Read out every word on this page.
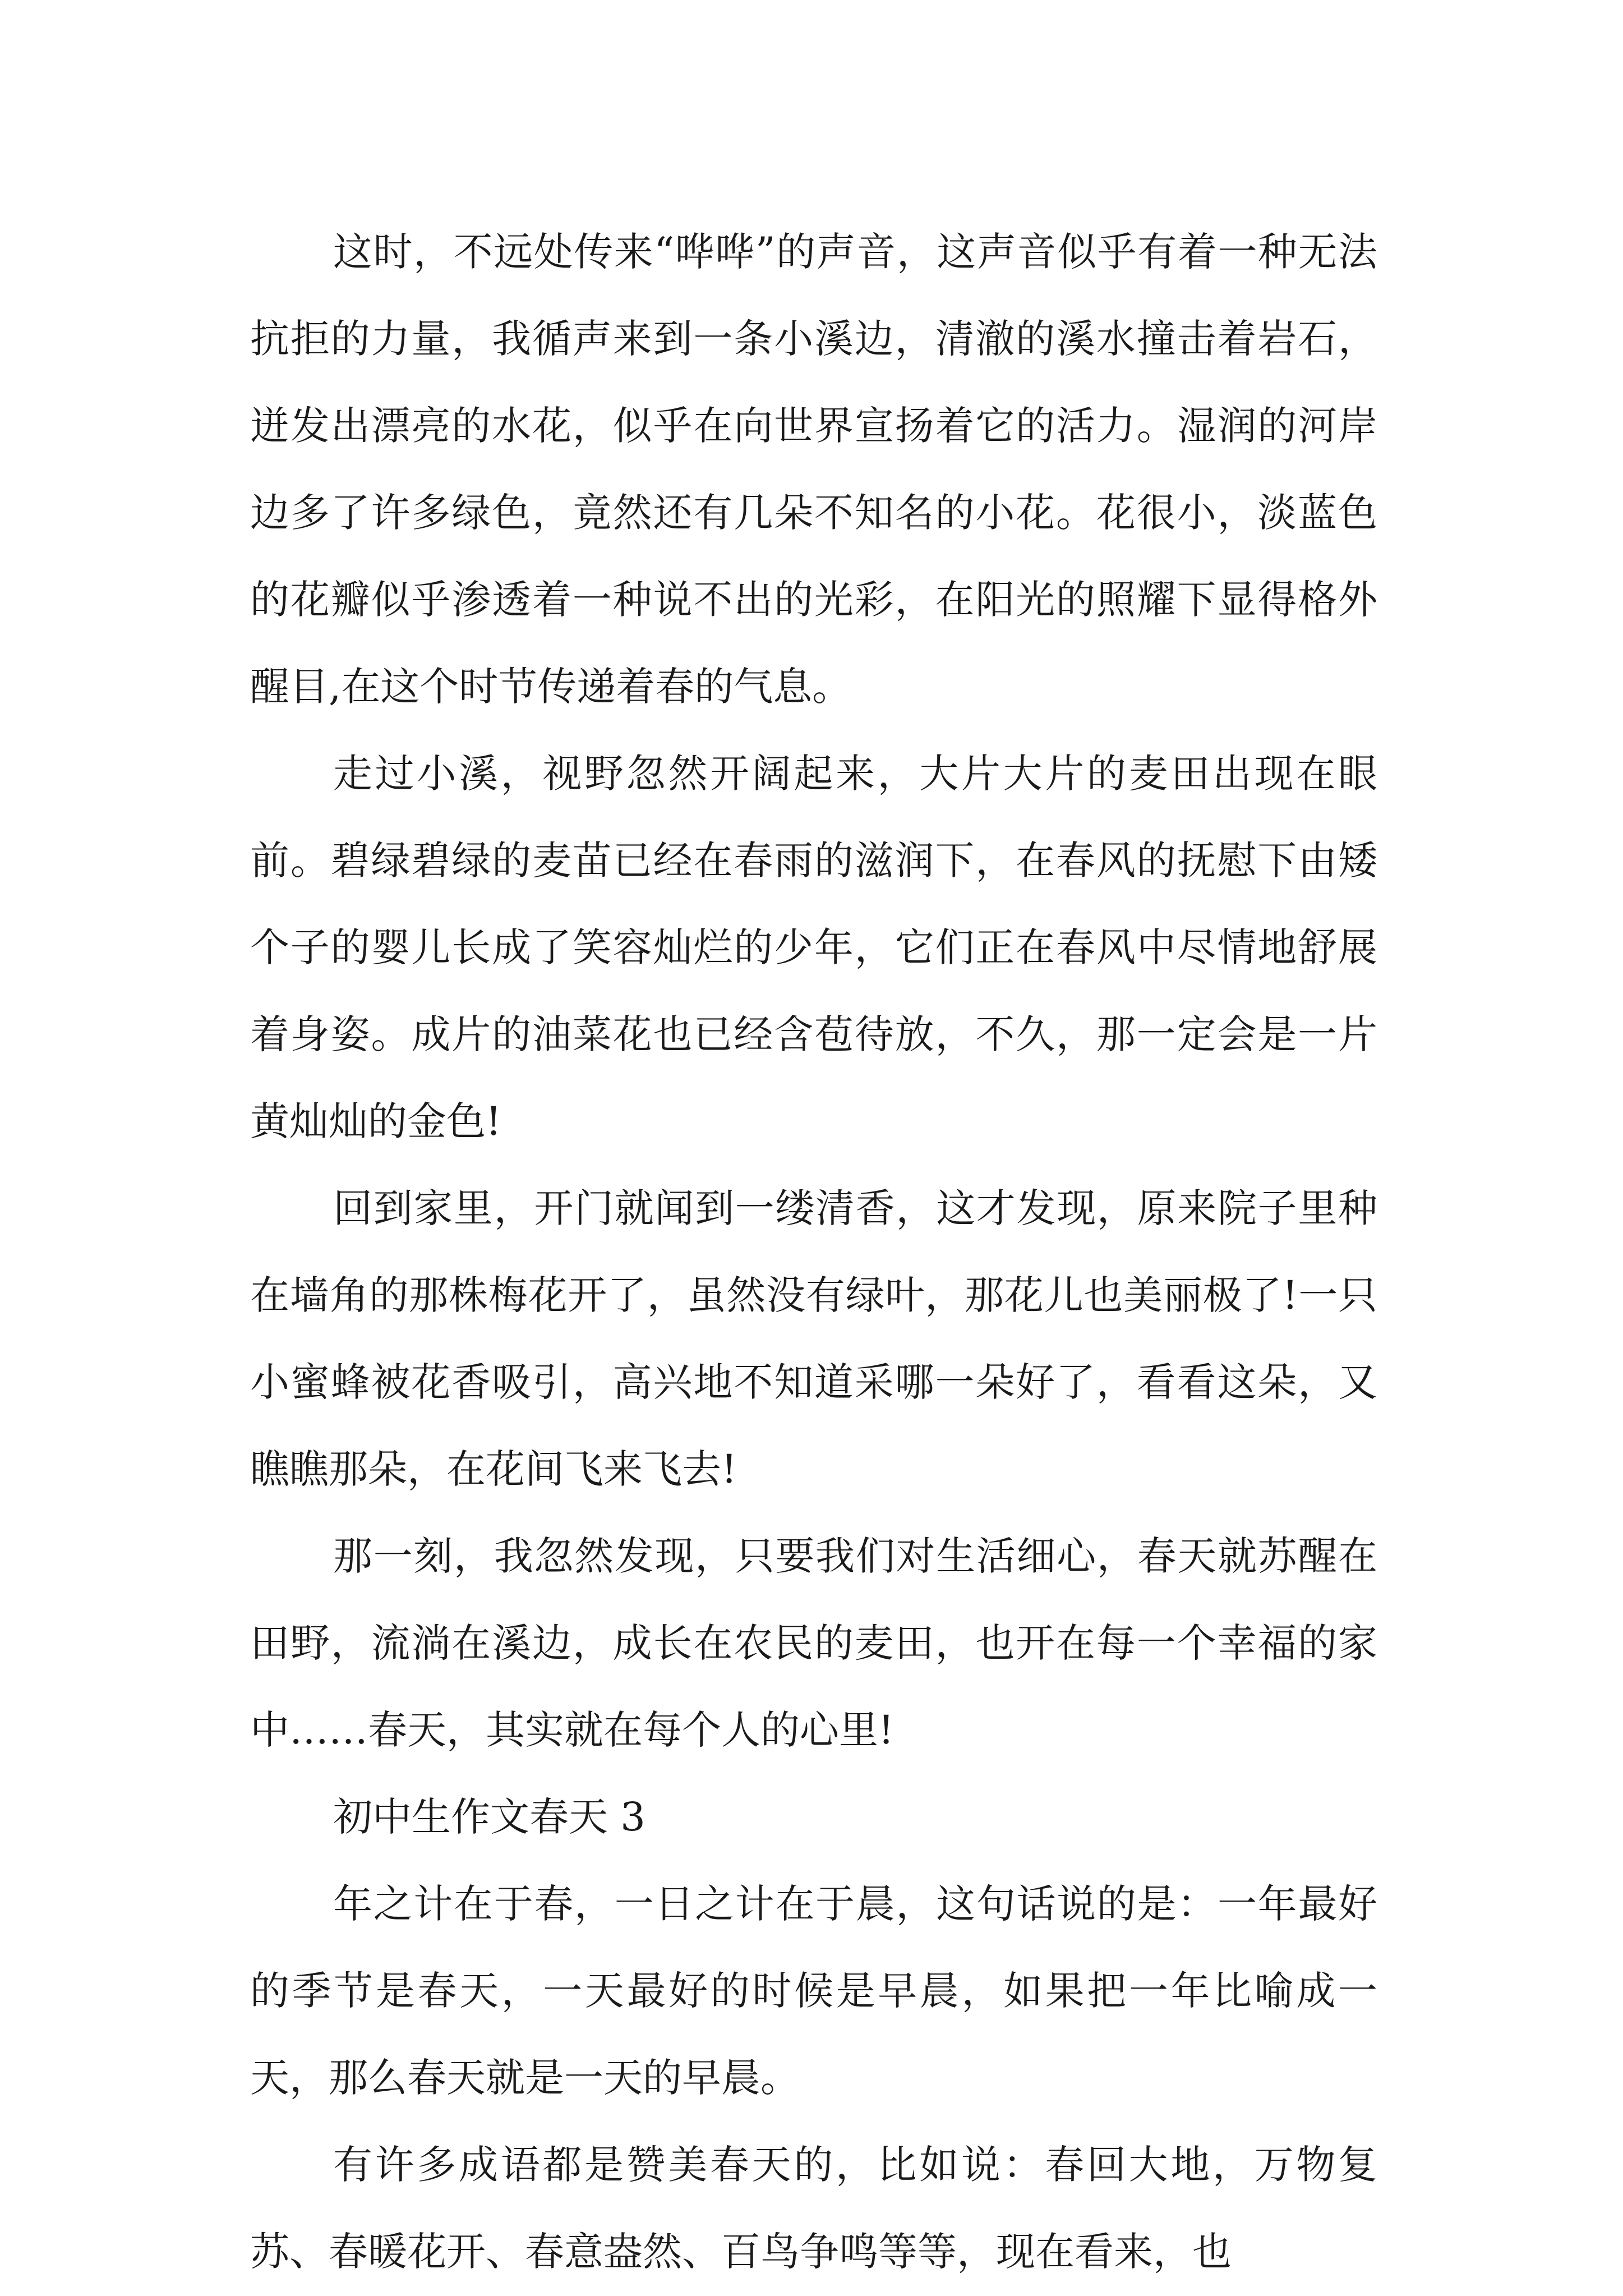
这时，不远处传来“哗哗”的声音，这声音似乎有着一种无法抗拒的力量，我循声来到一条小溪边，清澈的溪水撞击着岩石，迸发出漂亮的水花，似乎在向世界宣扬着它的活力。湿润的河岸边多了许多绿色，竟然还有几朵不知名的小花。花很小，淡蓝色的花瓣似乎渗透着一种说不出的光彩，在阳光的照耀下显得格外醒目,在这个时节传递着春的气息。

走过小溪，视野忽然开阔起来，大片大片的麦田出现在眼前。碧绿碧绿的麦苗已经在春雨的滋润下，在春风的抚慰下由矮个子的婴儿长成了笑容灿烂的少年，它们正在春风中尽情地舒展着身姿。成片的油菜花也已经含苞待放，不久，那一定会是一片黄灿灿的金色!

回到家里，开门就闻到一缕清香，这才发现，原来院子里种在墙角的那株梅花开了，虽然没有绿叶，那花儿也美丽极了!一只小蜜蜂被花香吸引，高兴地不知道采哪一朵好了，看看这朵，又瞧瞧那朵，在花间飞来飞去!

那一刻，我忽然发现，只要我们对生活细心，春天就苏醒在田野，流淌在溪边，成长在农民的麦田，也开在每一个幸福的家中……春天，其实就在每个人的心里!

初中生作文春天 3

年之计在于春，一日之计在于晨，这句话说的是：一年最好的季节是春天，一天最好的时候是早晨，如果把一年比喻成一天，那么春天就是一天的早晨。

有许多成语都是赞美春天的，比如说：春回大地，万物复苏、春暖花开、春意盎然、百鸟争鸣等等，现在看来，也
